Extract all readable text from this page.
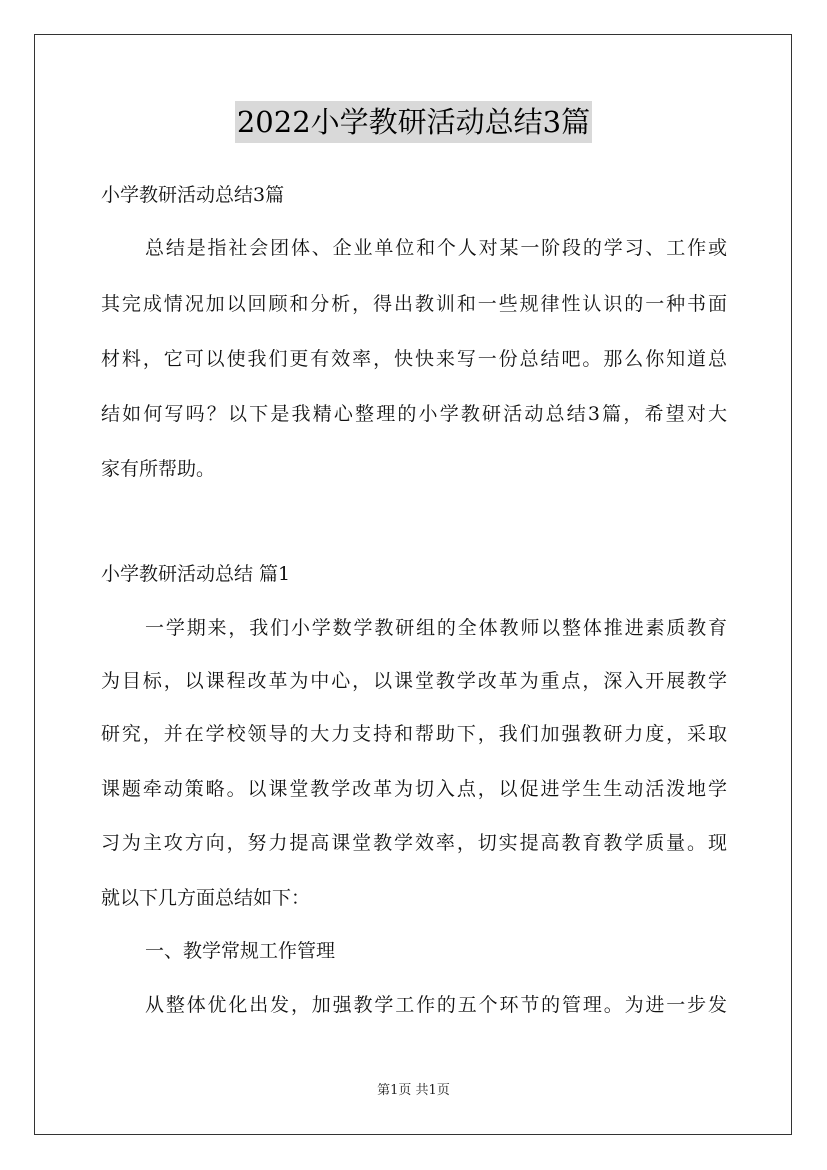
2022小学教研活动总结3篇
小学教研活动总结3篇
总结是指社会团体、企业单位和个人对某一阶段的学习、工作或
其完成情况加以回顾和分析，得出教训和一些规律性认识的一种书面
材料，它可以使我们更有效率，快快来写一份总结吧。那么你知道总
结如何写吗？以下是我精心整理的小学教研活动总结3篇，希望对大
家有所帮助。
小学教研活动总结 篇1
一学期来，我们小学数学教研组的全体教师以整体推进素质教育
为目标，以课程改革为中心，以课堂教学改革为重点，深入开展教学
研究，并在学校领导的大力支持和帮助下，我们加强教研力度，采取
课题牵动策略。以课堂教学改革为切入点，以促进学生生动活泼地学
习为主攻方向，努力提高课堂教学效率，切实提高教育教学质量。现
就以下几方面总结如下：
一、教学常规工作管理
从整体优化出发，加强教学工作的五个环节的管理。为进一步发
第1页 共1页
